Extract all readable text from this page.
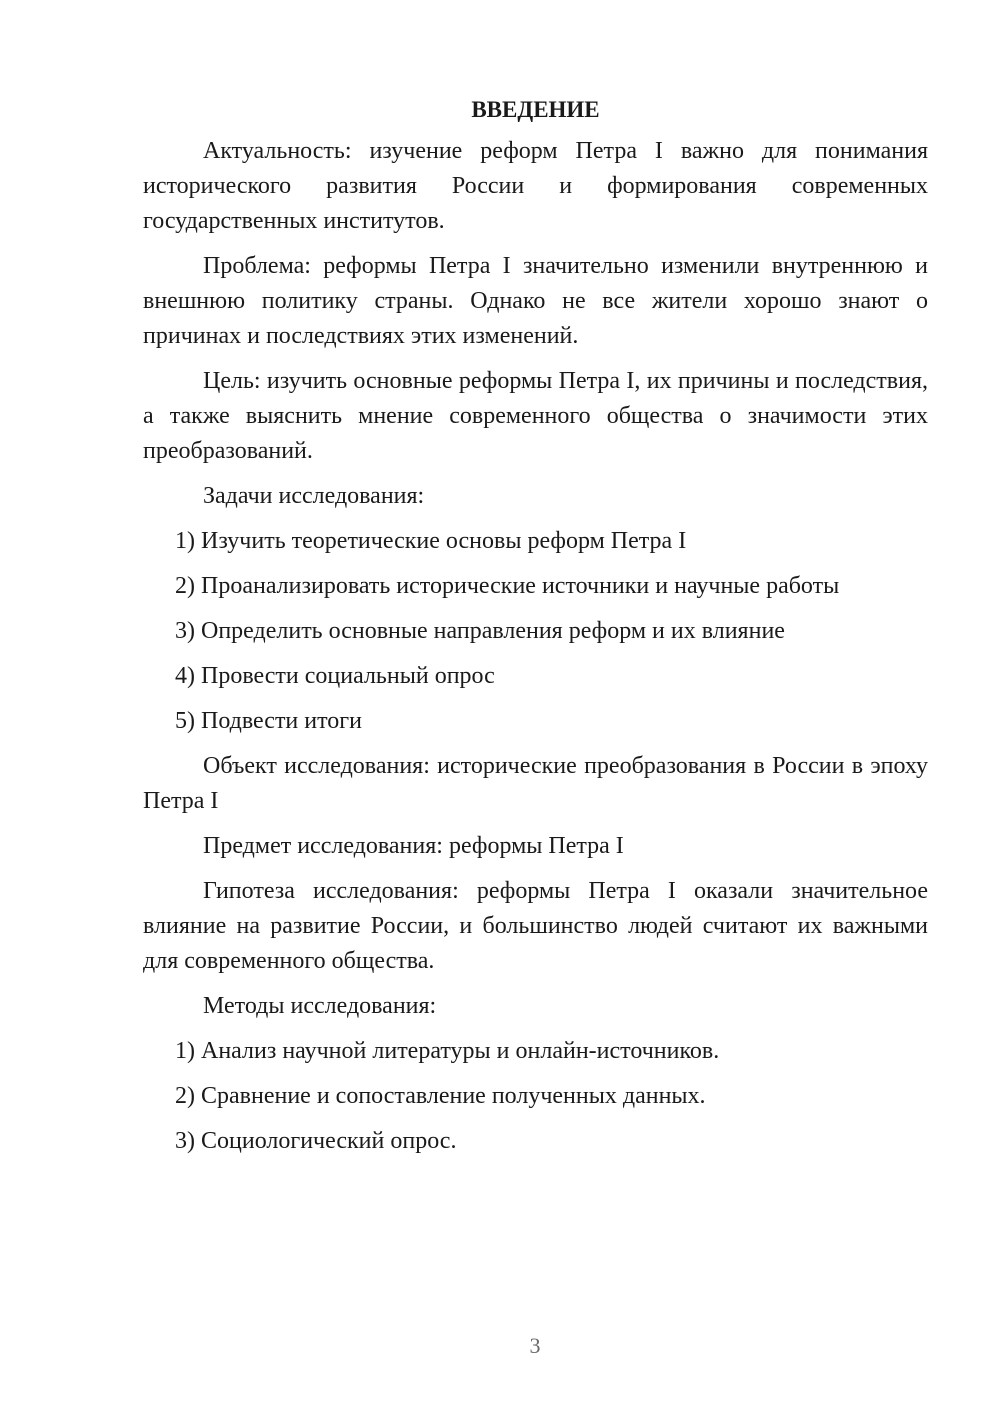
ВВЕДЕНИЕ

Актуальность: изучение реформ Петра I важно для понимания исторического развития России и формирования современных государственных институтов.

Проблема: реформы Петра I значительно изменили внутреннюю и внешнюю политику страны. Однако не все жители хорошо знают о причинах и последствиях этих изменений.

Цель: изучить основные реформы Петра I, их причины и последствия, а также выяснить мнение современного общества о значимости этих преобразований.

Задачи исследования:

1) Изучить теоретические основы реформ Петра I
2) Проанализировать исторические источники и научные работы
3) Определить основные направления реформ и их влияние
4) Провести социальный опрос
5) Подвести итоги

Объект исследования: исторические преобразования в России в эпоху Петра I

Предмет исследования: реформы Петра I

Гипотеза исследования: реформы Петра I оказали значительное влияние на развитие России, и большинство людей считают их важными для современного общества.

Методы исследования:

1) Анализ научной литературы и онлайн-источников.
2) Сравнение и сопоставление полученных данных.
3) Социологический опрос.
3
